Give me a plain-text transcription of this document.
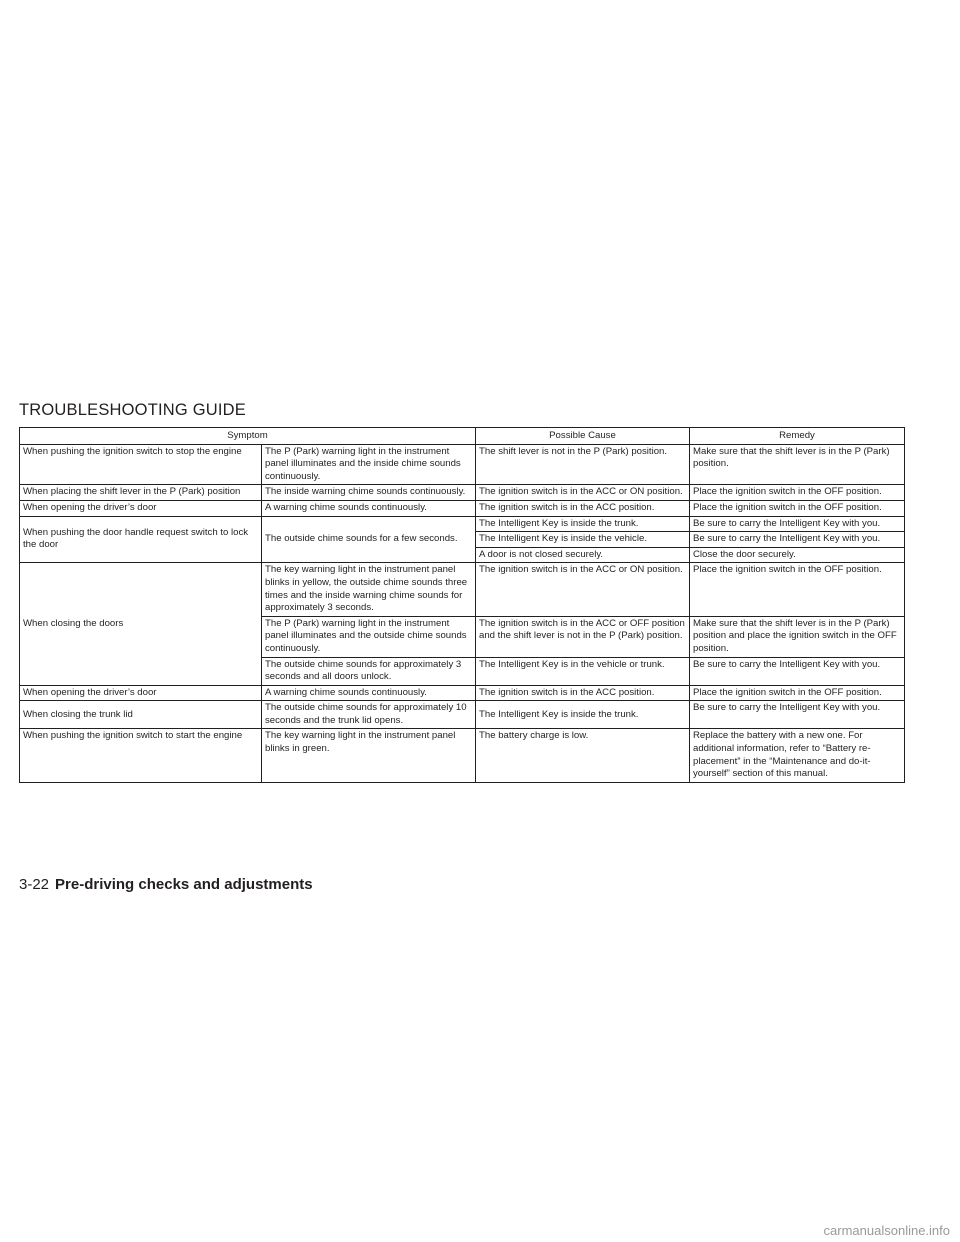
TROUBLESHOOTING GUIDE
Symptom		Possible Cause	Remedy
When pushing the ignition switch to stop the engine	The P (Park) warning light in the instrument panel illuminates and the inside chime sounds continuously.	The shift lever is not in the P (Park) position.	Make sure that the shift lever is in the P (Park) position.
When placing the shift lever in the P (Park) position	The inside warning chime sounds continuously.	The ignition switch is in the ACC or ON position.	Place the ignition switch in the OFF position.
When opening the driver’s door	A warning chime sounds continuously.	The ignition switch is in the ACC position.	Place the ignition switch in the OFF position.
When pushing the door handle request switch to lock the door	The outside chime sounds for a few seconds.	The Intelligent Key is inside the trunk.	Be sure to carry the Intelligent Key with you.
		The Intelligent Key is inside the vehicle.	Be sure to carry the Intelligent Key with you.
		A door is not closed securely.	Close the door securely.
When closing the doors	The key warning light in the instrument panel blinks in yellow, the outside chime sounds three times and the inside warning chime sounds for approximately 3 seconds.	The ignition switch is in the ACC or ON position.	Place the ignition switch in the OFF position.
	The P (Park) warning light in the instrument panel illuminates and the outside chime sounds continuously.	The ignition switch is in the ACC or OFF position and the shift lever is not in the P (Park) position.	Make sure that the shift lever is in the P (Park) position and place the ignition switch in the OFF position.
	The outside chime sounds for approximately 3 seconds and all doors unlock.	The Intelligent Key is in the vehicle or trunk.	Be sure to carry the Intelligent Key with you.
When opening the driver’s door	A warning chime sounds continuously.	The ignition switch is in the ACC position.	Place the ignition switch in the OFF position.
When closing the trunk lid	The outside chime sounds for approximately 10 seconds and the trunk lid opens.	The Intelligent Key is inside the trunk.	Be sure to carry the Intelligent Key with you.
When pushing the ignition switch to start the engine	The key warning light in the instrument panel blinks in green.	The battery charge is low.	Replace the battery with a new one. For additional information, refer to “Battery re-placement” in the “Maintenance and do-it-yourself” section of this manual.
3-22 Pre-driving checks and adjustments
carmanualsonline.info
